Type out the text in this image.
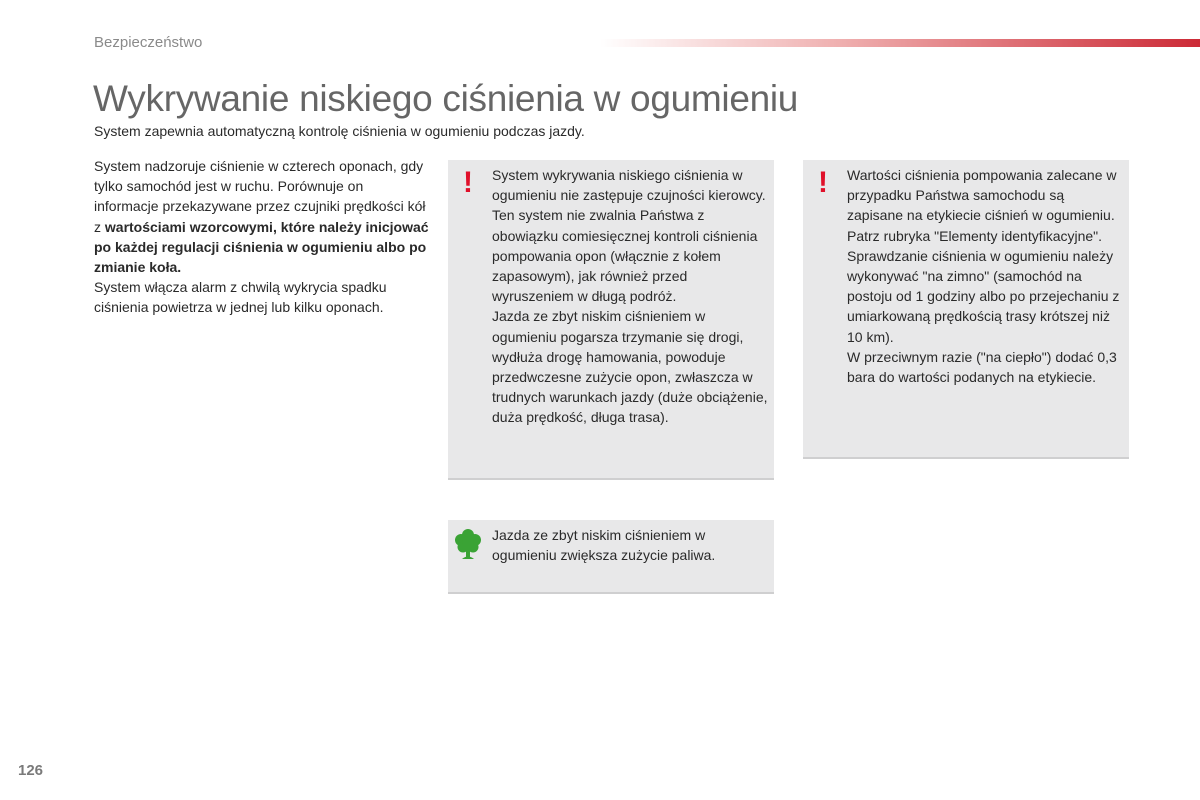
Bezpieczeństwo
Wykrywanie niskiego ciśnienia w ogumieniu
System zapewnia automatyczną kontrolę ciśnienia w ogumieniu podczas jazdy.

System nadzoruje ciśnienie w czterech oponach, gdy tylko samochód jest w ruchu. Porównuje on informacje przekazywane przez czujniki prędkości kół z wartościami wzorcowymi, które należy inicjować po każdej regulacji ciśnienia w ogumieniu albo po zmianie koła.
System włącza alarm z chwilą wykrycia spadku ciśnienia powietrza w jednej lub kilku oponach.

! System wykrywania niskiego ciśnienia w ogumieniu nie zastępuje czujności kierowcy.
Ten system nie zwalnia Państwa z obowiązku comiesięcznej kontroli ciśnienia pompowania opon (włącznie z kołem zapasowym), jak również przed wyruszeniem w długą podróż.
Jazda ze zbyt niskim ciśnieniem w ogumieniu pogarsza trzymanie się drogi, wydłuża drogę hamowania, powoduje przedwczesne zużycie opon, zwłaszcza w trudnych warunkach jazdy (duże obciążenie, duża prędkość, długa trasa).

! Wartości ciśnienia pompowania zalecane w przypadku Państwa samochodu są zapisane na etykiecie ciśnień w ogumieniu.
Patrz rubryka "Elementy identyfikacyjne".
Sprawdzanie ciśnienia w ogumieniu należy wykonywać "na zimno" (samochód na postoju od 1 godziny albo po przejechaniu z umiarkowaną prędkością trasy krótszej niż 10 km).
W przeciwnym razie ("na ciepło") dodać 0,3 bara do wartości podanych na etykiecie.

Jazda ze zbyt niskim ciśnieniem w ogumieniu zwiększa zużycie paliwa.

126
